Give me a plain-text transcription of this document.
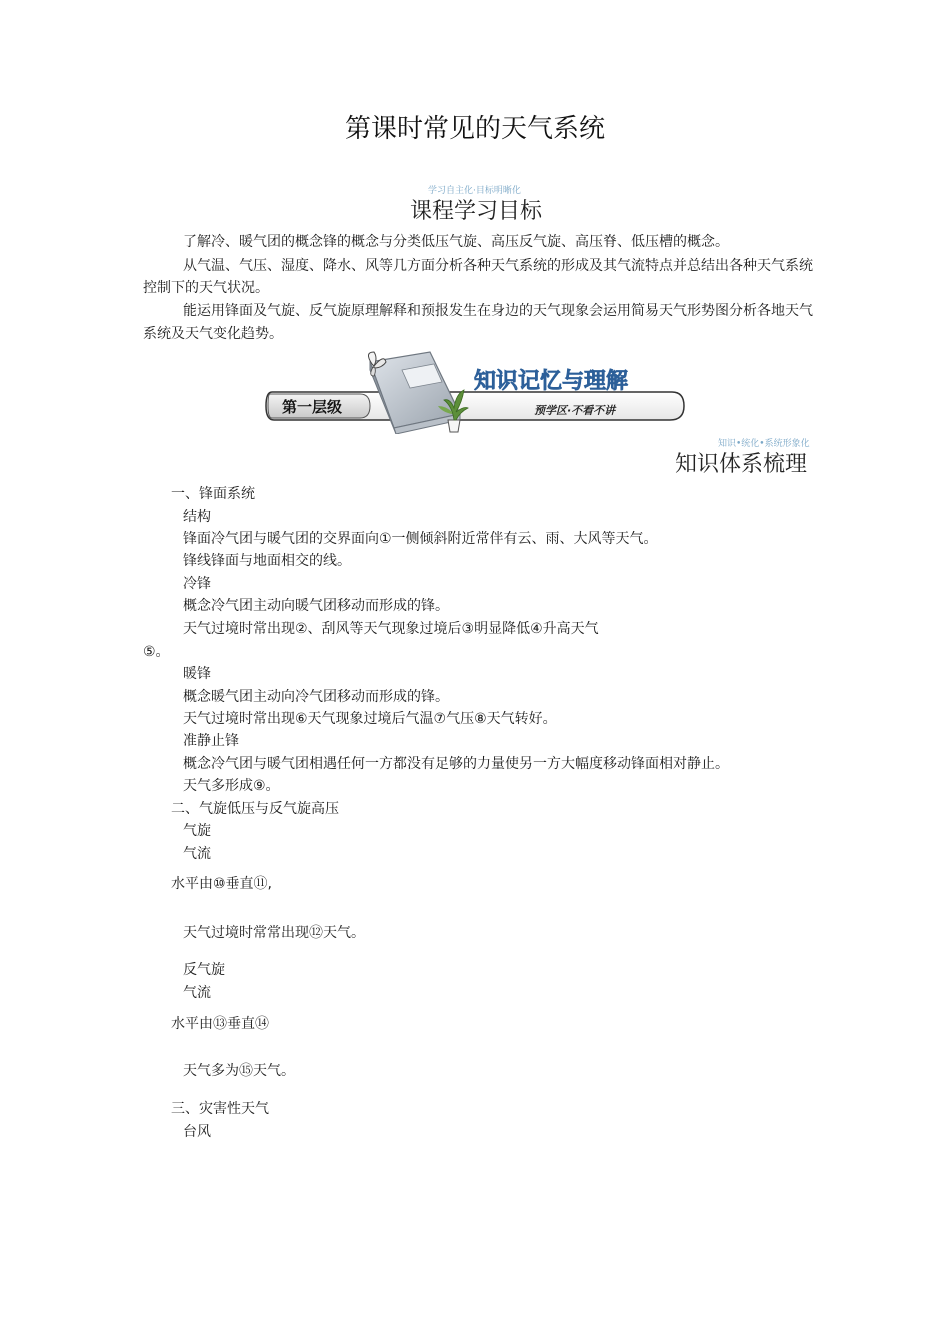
第课时常见的天气系统
学习自主化·目标明晰化
课程学习目标
了解冷、暖气团的概念锋的概念与分类低压气旋、高压反气旋、高压脊、低压槽的概念。
从气温、气压、湿度、降水、风等几方面分析各种天气系统的形成及其气流特点并总结出各种天气系统
控制下的天气状况。
能运用锋面及气旋、反气旋原理解释和预报发生在身边的天气现象会运用简易天气形势图分析各地天气
系统及天气变化趋势。
第一层级
知识记忆与理解
预学区·不看不讲
知识•统化•系统形象化
知识体系梳理
一、锋面系统
结构
锋面冷气团与暖气团的交界面向①一侧倾斜附近常伴有云、雨、大风等天气。
锋线锋面与地面相交的线。
冷锋
概念冷气团主动向暖气团移动而形成的锋。
天气过境时常出现②、刮风等天气现象过境后③明显降低④升高天气
⑤。
暖锋
概念暖气团主动向冷气团移动而形成的锋。
天气过境时常出现⑥天气现象过境后气温⑦气压⑧天气转好。
准静止锋
概念冷气团与暖气团相遇任何一方都没有足够的力量使另一方大幅度移动锋面相对静止。
天气多形成⑨。
二、气旋低压与反气旋高压
气旋
气流
水平由⑩垂直⑪,
天气过境时常常出现⑫天气。
反气旋
气流
水平由⑬垂直⑭
天气多为⑮天气。
三、灾害性天气
台风
